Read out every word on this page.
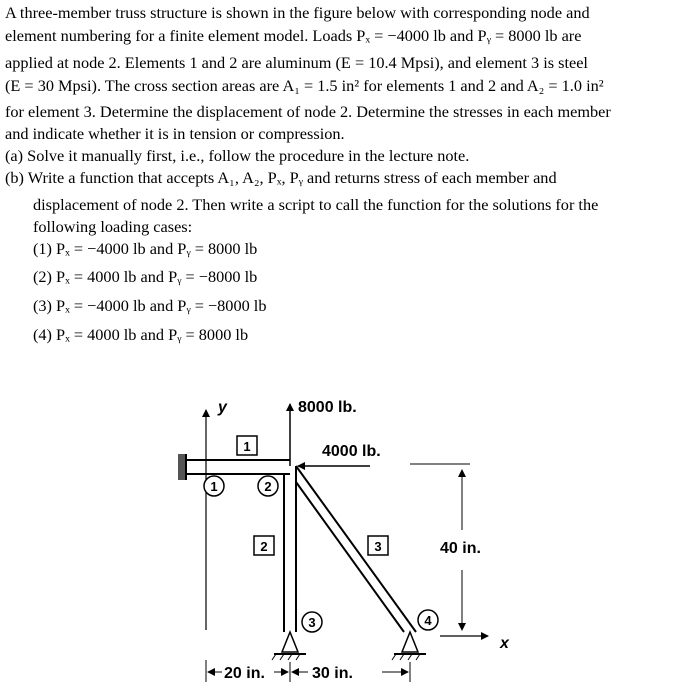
A three-member truss structure is shown in the figure below with corresponding node and
element numbering for a finite element model. Loads Pₓ = −4000 lb and Pᵧ = 8000 lb are
applied at node 2. Elements 1 and 2 are aluminum (E = 10.4 Mpsi), and element 3 is steel
(E = 30 Mpsi). The cross section areas are A₁ = 1.5 in² for elements 1 and 2 and A₂ = 1.0 in²
for element 3. Determine the displacement of node 2. Determine the stresses in each member
and indicate whether it is in tension or compression.
(a) Solve it manually first, i.e., follow the procedure in the lecture note.
(b) Write a function that accepts A₁, A₂, Pₓ, Pᵧ and returns stress of each member and
displacement of node 2. Then write a script to call the function for the solutions for the
following loading cases:
(1) Pₓ = −4000 lb and Pᵧ = 8000 lb
(2) Pₓ = 4000 lb and Pᵧ = −8000 lb
(3) Pₓ = −4000 lb and Pᵧ = −8000 lb
(4) Pₓ = 4000 lb and Pᵧ = 8000 lb
y
x
8000 lb.
4000 lb.
1	2
3	4
1
2	3	40 in.
20 in.	30 in.
